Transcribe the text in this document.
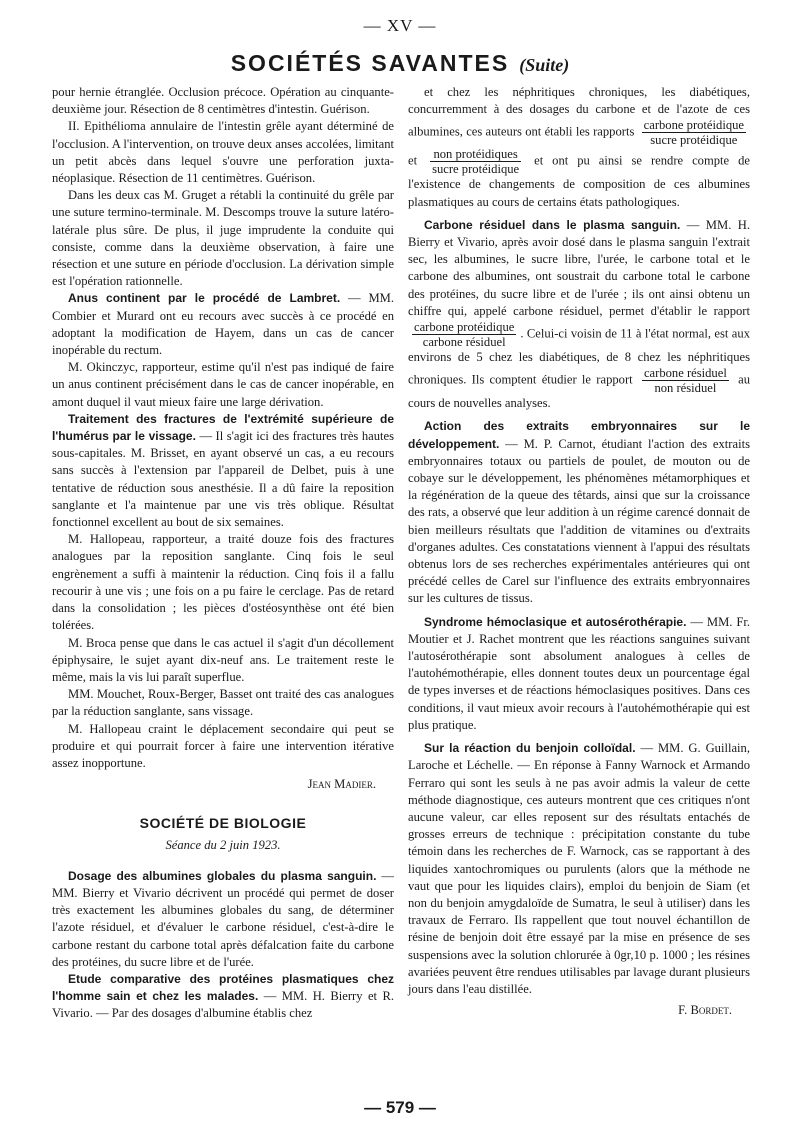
— XV —
SOCIÉTÉS SAVANTES (Suite)

pour hernie étranglée. Occlusion précoce. Opération au cinquante-deuxième jour. Résection de 8 centimètres d'intestin. Guérison.

II. Epithélioma annulaire de l'intestin grêle ayant déterminé de l'occlusion. A l'intervention, on trouve deux anses accolées, limitant un petit abcès dans lequel s'ouvre une perforation juxta-néoplasique. Résection de 11 centimètres. Guérison.

Dans les deux cas M. Gruget a rétabli la continuité du grêle par une suture termino-terminale. M. Descomps trouve la suture latéro-latérale plus sûre. De plus, il juge imprudente la conduite qui consiste, comme dans la deuxième observation, à faire une résection et une suture en période d'occlusion. La dérivation simple est l'opération rationnelle.

Anus continent par le procédé de Lambret. — MM. Combier et Murard ont eu recours avec succès à ce procédé en adoptant la modification de Hayem, dans un cas de cancer inopérable du rectum.

M. Okinczyc, rapporteur, estime qu'il n'est pas indiqué de faire un anus continent précisément dans le cas de cancer inopérable, en amont duquel il vaut mieux faire une large dérivation.

Traitement des fractures de l'extrémité supérieure de l'humérus par le vissage. — Il s'agit ici des fractures très hautes sous-capitales. M. Brisset, en ayant observé un cas, a eu recours sans succès à l'extension par l'appareil de Delbet, puis à une tentative de réduction sous anesthésie. Il a dû faire la reposition sanglante et l'a maintenue par une vis très oblique. Résultat fonctionnel excellent au bout de six semaines.

M. Hallopeau, rapporteur, a traité douze fois des fractures analogues par la reposition sanglante. Cinq fois le seul engrènement a suffi à maintenir la réduction. Cinq fois il a fallu recourir à une vis ; une fois on a pu faire le cerclage. Pas de retard dans la consolidation ; les pièces d'ostéosynthèse ont été bien tolérées.

M. Broca pense que dans le cas actuel il s'agit d'un décollement épiphysaire, le sujet ayant dix-neuf ans. Le traitement reste le même, mais la vis lui paraît superflue.

MM. Mouchet, Roux-Berger, Basset ont traité des cas analogues par la réduction sanglante, sans vissage.

M. Hallopeau craint le déplacement secondaire qui peut se produire et qui pourrait forcer à faire une intervention itérative assez inopportune.

Jean Madier.
SOCIÉTÉ DE BIOLOGIE
Séance du 2 juin 1923.

Dosage des albumines globales du plasma sanguin. — MM. Bierry et Vivario décrivent un procédé qui permet de doser très exactement les albumines globales du sang, de déterminer l'azote résiduel, et d'évaluer le carbone résiduel, c'est-à-dire le carbone restant du carbone total après défalcation faite du carbone des protéines, du sucre libre et de l'urée.

Etude comparative des protéines plasmatiques chez l'homme sain et chez les malades. — MM. H. Bierry et R. Vivario. — Par des dosages d'albumine établis chez

et chez les néphritiques chroniques, les diabétiques, concurremment à des dosages du carbone et de l'azote de ces albumines, ces auteurs ont établi les rapports $\frac{\text{carbone protéidique}}{\text{sucre protéidique}}$
et $\frac{\text{non protéidiques}}{\text{sucre protéidique}}$ et ont pu ainsi se rendre compte de l'existence de changements de composition de ces albumines plasmatiques au cours de certains états pathologiques.

Carbone résiduel dans le plasma sanguin. — MM. H. Bierry et Vivario, après avoir dosé dans le plasma sanguin l'extrait sec, les albumines, le sucre libre, l'urée, le carbone total et le carbone des albumines, ont soustrait du carbone total le carbone des protéines, du sucre libre et de l'urée ; ils ont ainsi obtenu un chiffre qui, appelé carbone résiduel, permet d'établir le rapport
$\frac{\text{carbone protéidique}}{\text{carbone résiduel}}$ . Celui-ci voisin de 11 à l'état normal, est aux environs de 5 chez les diabétiques, de 8 chez les néphritiques chroniques. Ils comptent étudier le rapport $\frac{\text{carbone résiduel}}{\text{non résiduel}}$ au cours de nouvelles analyses.

Action des extraits embryonnaires sur le développement. — M. P. Carnot, étudiant l'action des extraits embryonnaires totaux ou partiels de poulet, de mouton ou de cobaye sur le développement, les phénomènes métamorphiques et la régénération de la queue des têtards, ainsi que sur la croissance des rats, a observé que leur addition à un régime carencé donnait de bien meilleurs résultats que l'addition de vitamines ou d'extraits d'organes adultes. Ces constatations viennent à l'appui des résultats obtenus lors de ses recherches expérimentales antérieures qui ont précédé celles de Carel sur l'influence des extraits embryonnaires sur les cultures de tissus.

Syndrome hémoclasique et autosérothérapie. — MM. Fr. Moutier et J. Rachet montrent que les réactions sanguines suivant l'autosérothérapie sont absolument analogues à celles de l'autohémothérapie, elles donnent toutes deux un pourcentage égal de types inverses et de réactions hémoclasiques positives. Dans ces conditions, il vaut mieux avoir recours à l'autohémothérapie qui est plus pratique.

Sur la réaction du benjoin colloïdal. — MM. G. Guillain, Laroche et Léchelle. — En réponse à Fanny Warnock et Armando Ferraro qui sont les seuls à ne pas avoir admis la valeur de cette méthode diagnostique, ces auteurs montrent que ces critiques n'ont aucune valeur, car elles reposent sur des résultats entachés de grosses erreurs de technique : précipitation constante du tube témoin dans les recherches de F. Warnock, cas se rapportant à des liquides xantochromiques ou purulents (alors que la méthode ne vaut que pour les liquides clairs), emploi du benjoin de Siam (et non du benjoin amygdaloïde de Sumatra, le seul à utiliser) dans les travaux de Ferraro. Ils rappellent que tout nouvel échantillon de résine de benjoin doit être essayé par la mise en présence de ses suspensions avec la solution chlorurée à 0gr,10 p. 1000 ; les résines avariées peuvent être rendues utilisables par lavage durant plusieurs jours dans l'eau distillée.

F. Bordet.
— 579 —
